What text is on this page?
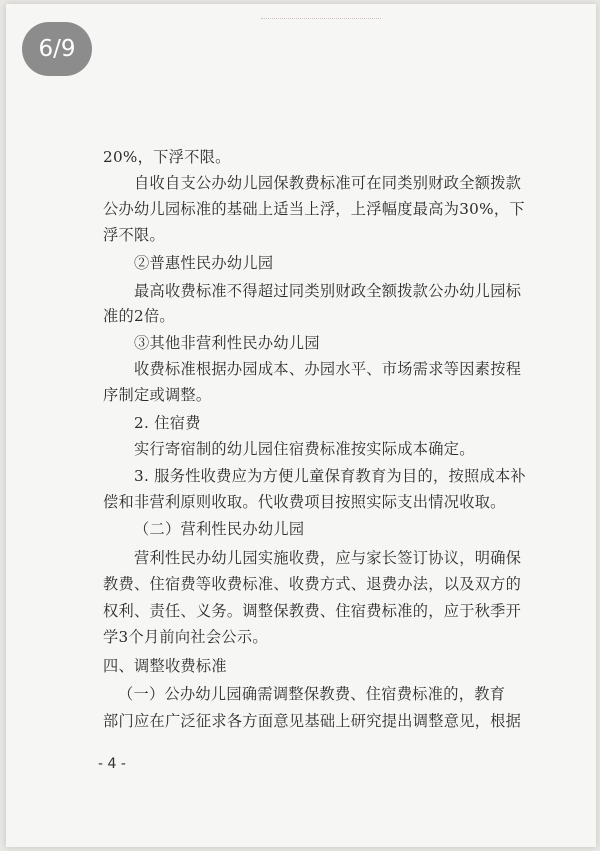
20%，下浮不限。
自收自支公办幼儿园保教费标准可在同类别财政全额拨款
公办幼儿园标准的基础上适当上浮，上浮幅度最高为30%，下
浮不限。
②普惠性民办幼儿园
最高收费标准不得超过同类别财政全额拨款公办幼儿园标
准的2倍。
③其他非营利性民办幼儿园
收费标准根据办园成本、办园水平、市场需求等因素按程
序制定或调整。
2. 住宿费
实行寄宿制的幼儿园住宿费标准按实际成本确定。
3. 服务性收费应为方便儿童保育教育为目的，按照成本补
偿和非营利原则收取。代收费项目按照实际支出情况收取。
（二）营利性民办幼儿园
营利性民办幼儿园实施收费，应与家长签订协议，明确保
教费、住宿费等收费标准、收费方式、退费办法，以及双方的
权利、责任、义务。调整保教费、住宿费标准的，应于秋季开
学3个月前向社会公示。
四、调整收费标准
（一）公办幼儿园确需调整保教费、住宿费标准的，教育
部门应在广泛征求各方面意见基础上研究提出调整意见，根据
- 4 -
6/9
